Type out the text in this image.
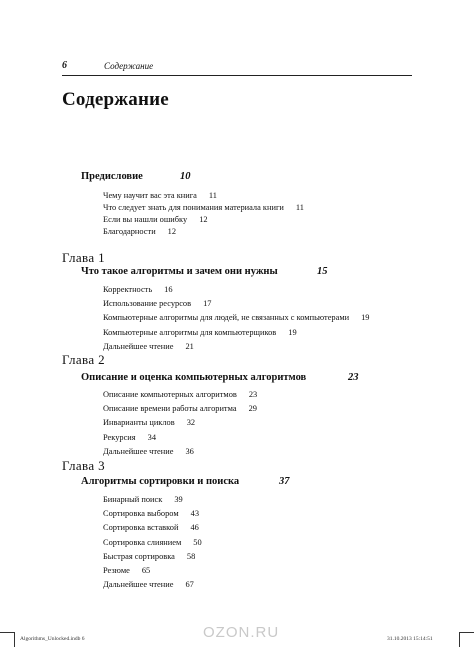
6	Содержание
Содержание
Предисловие	10
Чему научит вас эта книга 11
Что следует знать для понимания материала книги 11
Если вы нашли ошибку 12
Благодарности 12
Глава 1
Что такое алгоритмы и зачем они нужны	15
Корректность 16
Использование ресурсов 17
Компьютерные алгоритмы для людей, не связанных с компьютерами 19
Компьютерные алгоритмы для компьютерщиков 19
Дальнейшее чтение 21
Глава 2
Описание и оценка компьютерных алгоритмов	23
Описание компьютерных алгоритмов 23
Описание времени работы алгоритма 29
Инварианты циклов 32
Рекурсия 34
Дальнейшее чтение 36
Глава 3
Алгоритмы сортировки и поиска	37
Бинарный поиск 39
Сортировка выбором 43
Сортировка вставкой 46
Сортировка слиянием 50
Быстрая сортировка 58
Резюме 65
Дальнейшее чтение 67
Algorithms_Unlocked.indb 6	31.10.2013 15:14:51
OZON.RU
